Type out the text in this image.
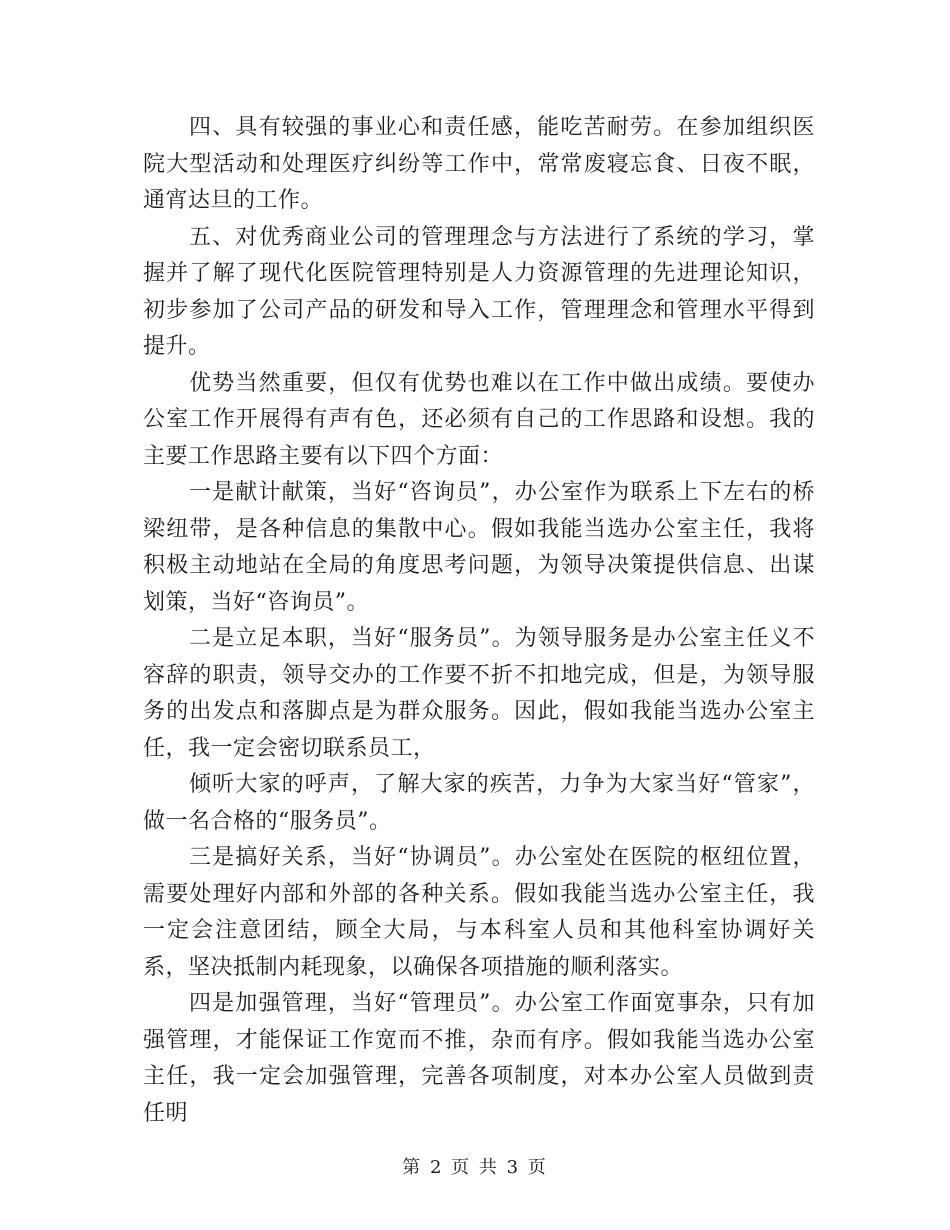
四、具有较强的事业心和责任感，能吃苦耐劳。在参加组织医院大型活动和处理医疗纠纷等工作中，常常废寝忘食、日夜不眠，通宵达旦的工作。

五、对优秀商业公司的管理理念与方法进行了系统的学习，掌握并了解了现代化医院管理特别是人力资源管理的先进理论知识，初步参加了公司产品的研发和导入工作，管理理念和管理水平得到提升。

优势当然重要，但仅有优势也难以在工作中做出成绩。要使办公室工作开展得有声有色，还必须有自己的工作思路和设想。我的主要工作思路主要有以下四个方面：

一是献计献策，当好“咨询员”，办公室作为联系上下左右的桥梁纽带，是各种信息的集散中心。假如我能当选办公室主任，我将积极主动地站在全局的角度思考问题，为领导决策提供信息、出谋划策，当好“咨询员”。

二是立足本职，当好“服务员”。为领导服务是办公室主任义不容辞的职责，领导交办的工作要不折不扣地完成，但是，为领导服务的出发点和落脚点是为群众服务。因此，假如我能当选办公室主任，我一定会密切联系员工，

倾听大家的呼声，了解大家的疾苦，力争为大家当好“管家”，做一名合格的“服务员”。

三是搞好关系，当好“协调员”。办公室处在医院的枢纽位置，需要处理好内部和外部的各种关系。假如我能当选办公室主任，我一定会注意团结，顾全大局，与本科室人员和其他科室协调好关系，坚决抵制内耗现象，以确保各项措施的顺利落实。

四是加强管理，当好“管理员”。办公室工作面宽事杂，只有加强管理，才能保证工作宽而不推，杂而有序。假如我能当选办公室主任，我一定会加强管理，完善各项制度，对本办公室人员做到责任明

第 2 页 共 3 页
